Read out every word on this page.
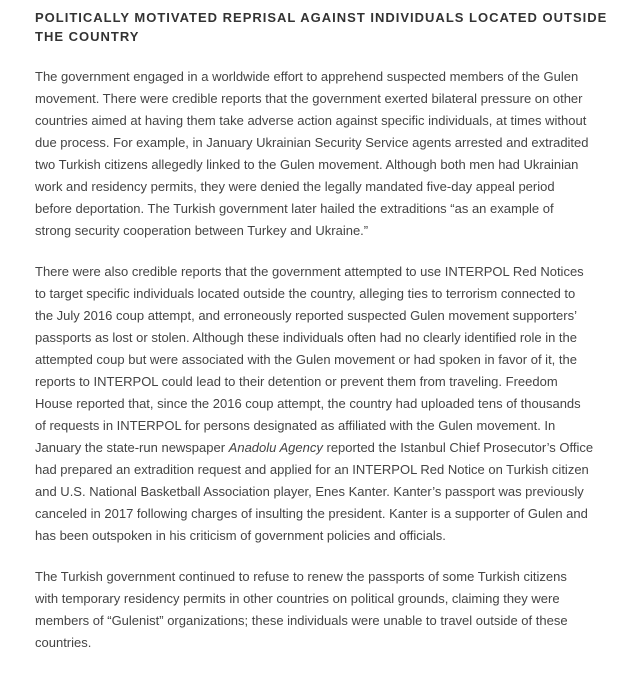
POLITICALLY MOTIVATED REPRISAL AGAINST INDIVIDUALS LOCATED OUTSIDE
THE COUNTRY

The government engaged in a worldwide effort to apprehend suspected members of the Gulen
movement. There were credible reports that the government exerted bilateral pressure on other
countries aimed at having them take adverse action against specific individuals, at times without
due process. For example, in January Ukrainian Security Service agents arrested and extradited
two Turkish citizens allegedly linked to the Gulen movement. Although both men had Ukrainian
work and residency permits, they were denied the legally mandated five-day appeal period
before deportation. The Turkish government later hailed the extraditions “as an example of
strong security cooperation between Turkey and Ukraine.”

There were also credible reports that the government attempted to use INTERPOL Red Notices
to target specific individuals located outside the country, alleging ties to terrorism connected to
the July 2016 coup attempt, and erroneously reported suspected Gulen movement supporters’
passports as lost or stolen. Although these individuals often had no clearly identified role in the
attempted coup but were associated with the Gulen movement or had spoken in favor of it, the
reports to INTERPOL could lead to their detention or prevent them from traveling. Freedom
House reported that, since the 2016 coup attempt, the country had uploaded tens of thousands
of requests in INTERPOL for persons designated as affiliated with the Gulen movement. In
January the state-run newspaper Anadolu Agency reported the Istanbul Chief Prosecutor’s Office
had prepared an extradition request and applied for an INTERPOL Red Notice on Turkish citizen
and U.S. National Basketball Association player, Enes Kanter. Kanter’s passport was previously
canceled in 2017 following charges of insulting the president. Kanter is a supporter of Gulen and
has been outspoken in his criticism of government policies and officials.

The Turkish government continued to refuse to renew the passports of some Turkish citizens
with temporary residency permits in other countries on political grounds, claiming they were
members of “Gulenist” organizations; these individuals were unable to travel outside of these
countries.
